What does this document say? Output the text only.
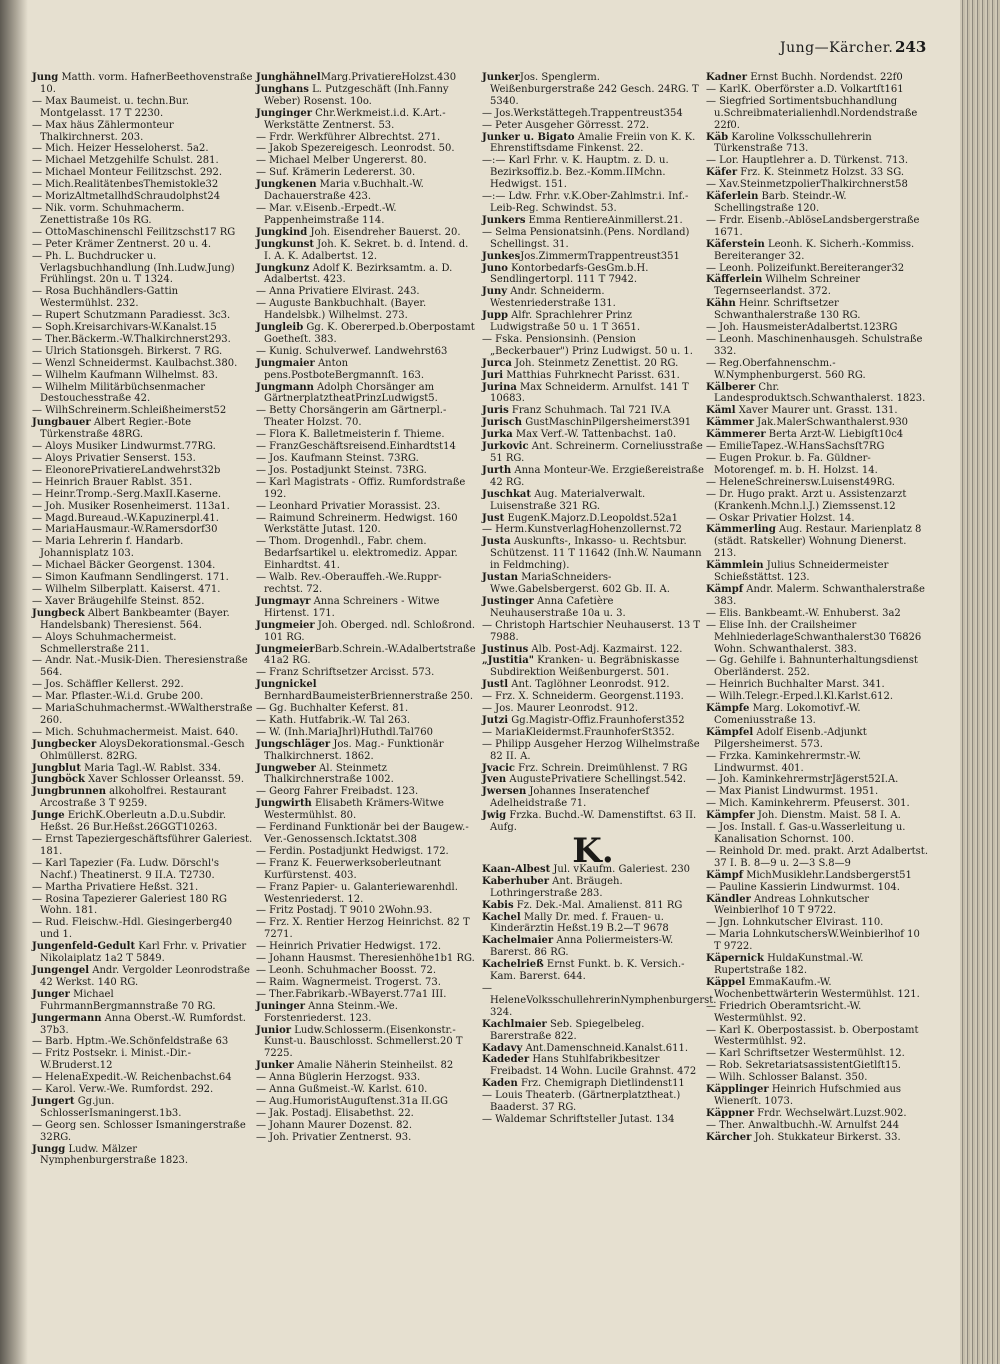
Jung—Kärcher. 243

Jung Matth. vorm. HafnerBeethovenstraße 10.

— Max Baumeist. u. techn.Bur. Montgelasst. 17 T 2230.

— Max häus Zählermonteur Thalkirchnerst. 203.

— Mich. Heizer Hesseloherst. 5a2.

— Michael Metzgehilfe Schulst. 281.

— Michael Monteur Feilitzschst. 292.

— Mich.RealitätenbesThemistokle32

— MorizAltmetallhdSchraudolphst24

— Nik. vorm. Schuhmacherm. Zenettistraße 10s RG.

— OttoMaschinenschl Feilitzschst17 RG

— Peter Krämer Zentnerst. 20 u. 4.

— Ph. L. Buchdrucker u. Verlagsbuchhandlung (Inh.Ludw.Jung) Frühlingst. 20n u. T 1324.

— Rosa Buchhändlers-Gattin Westermühlst. 232.

— Rupert Schutzmann Paradiesst. 3c3.

— Soph.Kreisarchivars-W.Kanalst.15

— Ther.Bäckerm.-W.Thalkirchnerst293.

— Ulrich Stationsgeh. Birkerst. 7 RG.

— Wenzl Schneidermst. Kaulbachst.380.

— Wilhelm Kaufmann Wilhelmst. 83.

— Wilhelm Militärbüchsenmacher Destouchesstraße 42.

— WilhSchreinerm.Schleißheimerst52

Jungbauer Albert Regier.-Bote Türkenstraße 48RG.

— Aloys Musiker Lindwurmst.77RG.

— Aloys Privatier Senserst. 153.

— EleonorePrivatiereLandwehrst32b

— Heinrich Brauer Rablst. 351.

— Heinr.Tromp.-Serg.MaxII.Kaserne.

— Joh. Musiker Rosenheimerst. 113a1.

— Magd.Bureaud.-W.Kapuzinerpl.41.

— MariaHausmaur.-W.Ramersdorf30

— Maria Lehrerin f. Handarb. Johannisplatz 103.

— Michael Bäcker Georgenst. 1304.

— Simon Kaufmann Sendlingerst. 171.

— Wilhelm Silberplatt. Kaiserst. 471.

— Xaver Bräugehilfe Steinst. 852.

Jungbeck Albert Bankbeamter (Bayer. Handelsbank) Theresienst. 564.

— Aloys Schuhmachermeist. Schmellerstraße 211.

— Andr. Nat.-Musik-Dien. Theresienstraße 564.

— Jos. Schäffler Kellerst. 292.

— Mar. Pflaster.-W.i.d. Grube 200.

— MariaSchuhmachermst.-WWaltherstraße 260.

— Mich. Schuhmachermeist. Maist. 640.

Jungbecker AloysDekorationsmal.-Gesch Ohlmüllerst. 82RG.

Jungblut Maria Tagl.-W. Rablst. 334.

Jungböck Xaver Schlosser Orleansst. 59.

Jungbrunnen alkoholfrei. Restaurant Arcostraße 3 T 9259.

Junge ErichK.Oberleutn a.D.u.Subdir. Heßst. 26 Bur.Heßst.26GGT10263.

— Ernst Tapeziergeschäftsführer Galeriest. 181.

— Karl Tapezier (Fa. Ludw. Dörschl's Nachf.) Theatinerst. 9 II.A. T2730.

— Martha Privatiere Heßst. 321.

— Rosina Tapezierer Galeriest 180 RG Wohn. 181.

— Rud. Fleischw.-Hdl. Giesingerberg40 und 1.

Jungenfeld-Gedult Karl Frhr. v. Privatier Nikolaiplatz 1a2 T 5849.

Jungengel Andr. Vergolder Leonrodstraße 42 Werkst. 140 RG.

Junger Michael FuhrmannBergmannstraße 70 RG.

Jungermann Anna Oberst.-W. Rumfordst. 37b3.

— Barb. Hptm.-We.Schönfeldstraße 63

— Fritz Postsekr. i. Minist.-Dir.-W.Bruderst.12

— HelenaExpedit.-W. Reichenbachst.64

— Karol. Verw.-We. Rumfordst. 292.

Jungert Gg.jun. SchlosserIsmaningerst.1b3.

— Georg sen. Schlosser Ismaningerstraße 32RG.

Jungg Ludw. Mälzer Nymphenburgerstraße 1823.

JunghähnelMarg.PrivatiereHolzst.430

Junghans L. Putzgeschäft (Inh.Fanny Weber) Rosenst. 10o.

Junginger Chr.Werkmeist.i.d. K.Art.-Werkstätte Zentnerst. 53.

— Frdr. Werkführer Albrechtst. 271.

— Jakob Spezereigesch. Leonrodst. 50.

— Michael Melber Ungererst. 80.

— Suf. Krämerin Ledererst. 30.

Jungkenen Maria v.Buchhalt.-W. Dachauerstraße 423.

— Mar. v.Eisenb.-Erpedt.-W. Pappenheimstraße 114.

Jungkind Joh. Eisendreher Bauerst. 20.

Jungkunst Joh. K. Sekret. b. d. Intend. d. I. A. K. Adalbertst. 12.

Jungkunz Adolf K. Bezirksamtm. a. D. Adalbertst. 423.

— Anna Privatiere Elvirast. 243.

— Auguste Bankbuchhalt. (Bayer. Handelsbk.) Wilhelmst. 273.

Jungleib Gg. K. Obererped.b.Oberpostamt Goetheſt. 383.

— Kunig. Schulverwef. Landwehrst63

Jungmaier Anton pens.PostboteBergmannſt. 163.

Jungmann Adolph Chorsänger am GärtnerplatztheatPrinzLudwigst5.

— Betty Chorsängerin am Gärtnerpl.-Theater Holzst. 70.

— Flora K. Balletmeisterin f. Thieme.

— FranzGeschäftsreisend.Einhardtst14

— Jos. Kaufmann Steinst. 73RG.

— Jos. Postadjunkt Steinst. 73RG.

— Karl Magistrats - Offiz. Rumfordstraße 192.

— Leonhard Privatier Morassist. 23.

— Raimund Schreinerm. Hedwigst. 160 Werkstätte Jutast. 120.

— Thom. Drogenhdl., Fabr. chem. Bedarfsartikel u. elektromediz. Appar. Einhardtst. 41.

— Walb. Rev.-Oberauffeh.-We.Ruppr-rechtst. 72.

Jungmayr Anna Schreiners - Witwe Hirtenst. 171.

Jungmeier Joh. Oberged. ndl. Schloßrond. 101 RG.

JungmeierBarb.Schrein.-W.Adalbertstraße 41a2 RG.

— Franz Schriftsetzer Arcisst. 573.

Jungnickel BernhardBaumeisterBriennerstraße 250.

— Gg. Buchhalter Keferst. 81.

— Kath. Hutfabrik.-W. Tal 263.

— W. (Inh.MariaJhrl)Huthdl.Tal760

Jungschläger Jos. Mag.- Funktionär Thalkirchnerst. 1862.

Jungweber Al. Steinmetz Thalkirchnerstraße 1002.

— Georg Fahrer Freibadst. 123.

Jungwirth Elisabeth Krämers-Witwe Westermühlst. 80.

— Ferdinand Funktionär bei der Baugew.-Ver.-Genossensch.Icktatst.308

— Ferdin. Postadjunkt Hedwigst. 172.

— Franz K. Feuerwerksoberleutnant Kurfürstenst. 403.

— Franz Papier- u. Galanteriewarenhdl. Westenriederst. 12.

— Fritz Postadj. T 9010 2Wohn.93.

— Frz. X. Rentier Herzog Heinrichst. 82 T 7271.

— Heinrich Privatier Hedwigst. 172.

— Johann Hausmst. Theresienhöhe1b1 RG.

— Leonh. Schuhmacher Boosst. 72.

— Raim. Wagnermeist. Trogerst. 73.

— Ther.Fabrikarb.-WBayerst.77a1 III.

Juninger Anna Steinm.-We. Forstenriederst. 123.

Junior Ludw.Schlosserm.(Eisenkonstr.-Kunst-u. Bauschlosst. Schmellerst.20 T 7225.

Junker Amalie Näherin Steinheilst. 82

— Anna Büglerin Herzogst. 933.

— Anna Gußmeist.-W. Karlst. 610.

— Aug.HumoristAuguſtenst.31a II.GG

— Jak. Postadj. Elisabethst. 22.

— Johann Maurer Dozenst. 82.

— Joh. Privatier Zentnerst. 93.

JunkerJos. Spenglerm. Weißenburgerstraße 242 Gesch. 24RG. T 5340.

— Jos.Werkstättegeh.Trappentreust354

— Peter Ausgeher Görresst. 272.

Junker u. Bigato Amalie Freiin von K. K. Ehrenstiftsdame Finkenst. 22.

—:— Karl Frhr. v. K. Hauptm. z. D. u. Bezirksoffiz.b. Bez.-Komm.IIMchn. Hedwigst. 151.

—:— Ldw. Frhr. v.K.Ober-Zahlmstr.i. Inf.-Leib-Reg. Schwindst. 53.

Junkers Emma RentiereAinmillerst.21.

— Selma Pensionatsinh.(Pens. Nordland) Schellingst. 31.

JunkesJos.ZimmermTrappentreust351

Juno Kontorbedarfs-GesGm.b.H. Sendlingertorpl. 111 T 7942.

Juny Andr. Schneiderm. Westenriederstraße 131.

Jupp Alfr. Sprachlehrer Prinz Ludwigstraße 50 u. 1 T 3651.

— Fska. Pensionsinh. (Pension „Beckerbauer") Prinz Ludwigst. 50 u. 1.

Jurca Joh. Steinmetz Zenettist. 20 RG.

Juri Matthias Fuhrknecht Parisst. 631.

Jurina Max Schneiderm. Arnulfst. 141 T 10683.

Juris Franz Schuhmach. Tal 721 IV.A

Jurisch GustMaschinPilgersheimerst391

Jurka Max Verf.-W. Tattenbachst. 1a0.

Jurkovic Ant. Schreinerm. Corneliusstraße 51 RG.

Jurth Anna Monteur-We. Erzgießereistraße 42 RG.

Juschkat Aug. Materialverwalt. Luisenstraße 321 RG.

Just EugenK.Majorz.D.Leopoldst.52a1

— Herm.KunstverlagHohenzollernst.72

Justa Auskunfts-, Inkasso- u. Rechtsbur. Schützenst. 11 T 11642 (Inh.W. Naumann in Feldmching).

Justan MariaSchneiders-Wwe.Gabelsbergerst. 602 Gb. II. A.

Justinger Anna Cafetière Neuhauserstraße 10a u. 3.

— Christoph Hartschier Neuhauserst. 13 T 7988.

Justinus Alb. Post-Adj. Kazmairst. 122.

„Justitia" Kranken- u. Begräbniskasse Subdirektion Weißenburgerst. 501.

Justl Ant. Taglöhner Leonrodst. 912.

— Frz. X. Schneiderm. Georgenst.1193.

— Jos. Maurer Leonrodst. 912.

Jutzi Gg.Magistr-Offiz.Fraunhoferst352

— MariaKleidermst.FraunhoferSt352.

— Philipp Ausgeher Herzog Wilhelmstraße 82 II. A.

Jvacic Frz. Schrein. Dreimühlenst. 7 RG

Jven AugustePrivatiere Schellingst.542.

Jwersen Johannes Inseratenchef Adelheidstraße 71.

Jwig Frzka. Buchd.-W. Damenstiftst. 63 II. Aufg.

K.

Kaan-Albest Jul. vKaufm. Galeriest. 230

Kaberhuber Ant. Bräugeh. Lothringerstraße 283.

Kabis Fz. Dek.-Mal. Amalienst. 811 RG

Kachel Mally Dr. med. f. Frauen- u. Kinderärztin Heßst.19 B.2—T 9678

Kachelmaier Anna Poliermeisters-W. Barerst. 86 RG.

Kachelrieß Ernst Funkt. b. K. Versich.-Kam. Barerst. 644.

— HeleneVolksschullehrerinNymphenburgerst. 324.

Kachlmaier Seb. Spiegelbeleg. Barerstraße 822.

Kadavy Ant.Damenschneid.Kanalst.611.

Kadeder Hans Stuhlfabrikbesitzer Freibadst. 14 Wohn. Lucile Grahnst. 472

Kaden Frz. Chemigraph Dietlindenst11

— Louis Theaterb. (Gärtnerplatztheat.) Baaderst. 37 RG.

— Waldemar Schriftsteller Jutast. 134

Kadner Ernst Buchh. Nordendst. 22f0

— KarlK. Oberförster a.D. Volkartſt161

— Siegfried Sortimentsbuchhandlung u.Schreibmaterialienhdl.Nordendstraße 22f0.

Käb Karoline Volksschullehrerin Türkenstraße 713.

— Lor. Hauptlehrer a. D. Türkenst. 713.

Käfer Frz. K. Steinmetz Holzst. 33 SG.

— Xav.SteinmetzpolierThalkirchnerst58

Käferlein Barb. Steindr.-W. Schellingstraße 120.

— Frdr. Eisenb.-AblöseLandsbergerstraße 1671.

Käferstein Leonh. K. Sicherh.-Kommiss. Bereiteranger 32.

— Leonh. Polizeifunkt.Bereiteranger32

Käfferlein Wilhelm Schreiner Tegernseerlandst. 372.

Kähn Heinr. Schriftsetzer Schwanthalerstraße 130 RG.

— Joh. HausmeisterAdalbertst.123RG

— Leonh. Maschinenhausgeh. Schulstraße 332.

— Reg.Oberfahnenschm.-W.Nymphenburgerst. 560 RG.

Kälberer Chr. Landesproduktsch.Schwanthalerst. 1823.

Käml Xaver Maurer unt. Grasst. 131.

Kämmer Jak.MalerSchwanthalerst.930

Kämmerer Berta Arzt-W. Liebigſt10c4

— EmilieTapez.-W.HansSachsſt7RG

— Eugen Prokur. b. Fa. Güldner-Motorengef. m. b. H. Holzst. 14.

— HeleneSchreinersw.Luisenst49RG.

— Dr. Hugo prakt. Arzt u. Assistenzarzt (Krankenh.Mchn.l.J.) Ziemssenst.12

— Oskar Privatier Holzst. 14.

Kämmerling Aug. Restaur. Marienplatz 8 (städt. Ratskeller) Wohnung Dienerst. 213.

Kämmlein Julius Schneidermeister Schießstättst. 123.

Kämpf Andr. Malerm. Schwanthalerstraße 383.

— Elis. Bankbeamt.-W. Enhuberst. 3a2

— Elise Inh. der Crailsheimer MehlniederlageSchwanthalerst30 T6826 Wohn. Schwanthalerst. 383.

— Gg. Gehilfe i. Bahnunterhaltungsdienst Oberländerst. 252.

— Heinrich Buchhalter Marst. 341.

— Wilh.Telegr.-Erped.l.Kl.Karlst.612.

Kämpfe Marg. Lokomotivf.-W. Comeniusstraße 13.

Kämpfel Adolf Eisenb.-Adjunkt Pilgersheimerst. 573.

— Frzka. Kaminkehrermstr.-W. Lindwurmst. 401.

— Joh. KaminkehrermstrJägerst52I.A.

— Max Pianist Lindwurmst. 1951.

— Mich. Kaminkehrerm. Pfeuserst. 301.

Kämpfer Joh. Dienstm. Maist. 58 I. A.

— Jos. Install. f. Gas-u.Wasserleitung u. Kanalisation Schornst. 100.

— Reinhold Dr. med. prakt. Arzt Adalbertst. 37 I. B. 8—9 u. 2—3 S.8—9

Kämpf MichMusiklehr.Landsbergerst51

— Pauline Kassierin Lindwurmst. 104.

Kändler Andreas Lohnkutscher Weinbierlhof 10 T 9722.

— Jgn. Lohnkutscher Elvirast. 110.

— Maria LohnkutschersW.Weinbierlhof 10 T 9722.

Käpernick HuldaKunstmal.-W. Rupertstraße 182.

Käppel EmmaKaufm.-W. Wochenbettwärterin Westermühlst. 121.

— Friedrich Oberamtsricht.-W. Westermühlst. 92.

— Karl K. Oberpostassist. b. Oberpostamt Westermühlst. 92.

— Karl Schriftsetzer Westermühlst. 12.

— Rob. SekretariatsassistentGietlſt15.

— Wilh. Schlosser Balanst. 350.

Käpplinger Heinrich Hufschmied aus Wienerſt. 1073.

Käppner Frdr. Wechselwärt.Luzst.902.

— Ther. Anwaltbuchh.-W. Arnulfst 244

Kärcher Joh. Stukkateur Birkerst. 33.
